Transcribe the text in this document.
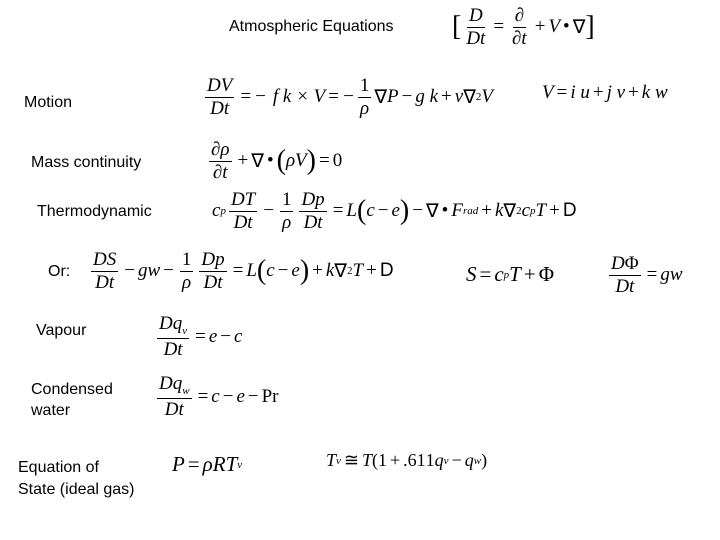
Atmospheric Equations [ $\frac{D}{Dt} = \frac{\partial}{\partial t} + V$ • ∇ ]
Motion
Mass continuity
Thermodynamic
Or:
Vapour
Condensed
water
Equation of
State (ideal gas)
$\frac{DV}{Dt}$ = − f k × V = − $\frac{1}{\rho}$ ∇ P − g k + ν ∇ 2 V	V = i u + j v + k w
$\frac{\partial\rho}{\partial t}$ + ∇ • ( ρV ) = 0
c p $\frac{DT}{Dt} - \frac{1}{\rho} \frac{Dp}{Dt} = L$ ( c − e ) − ∇ • F rad + k ∇ 2 c p T + D
$\frac{DS}{Dt}$ − gw − $\frac{1}{\rho} \frac{Dp}{Dt} = L$ ( c − e ) + k ∇ 2 T + D	S = c p T + Φ	$\frac{D\Phi}{Dt}$ = gw
$\frac{Dq_v}{Dt} = e - c$
$\frac{Dq_w}{Dt} = c - e - Pr$
P = ρRT v	T v ≅ T (1 + .61 1 q v − q w )
